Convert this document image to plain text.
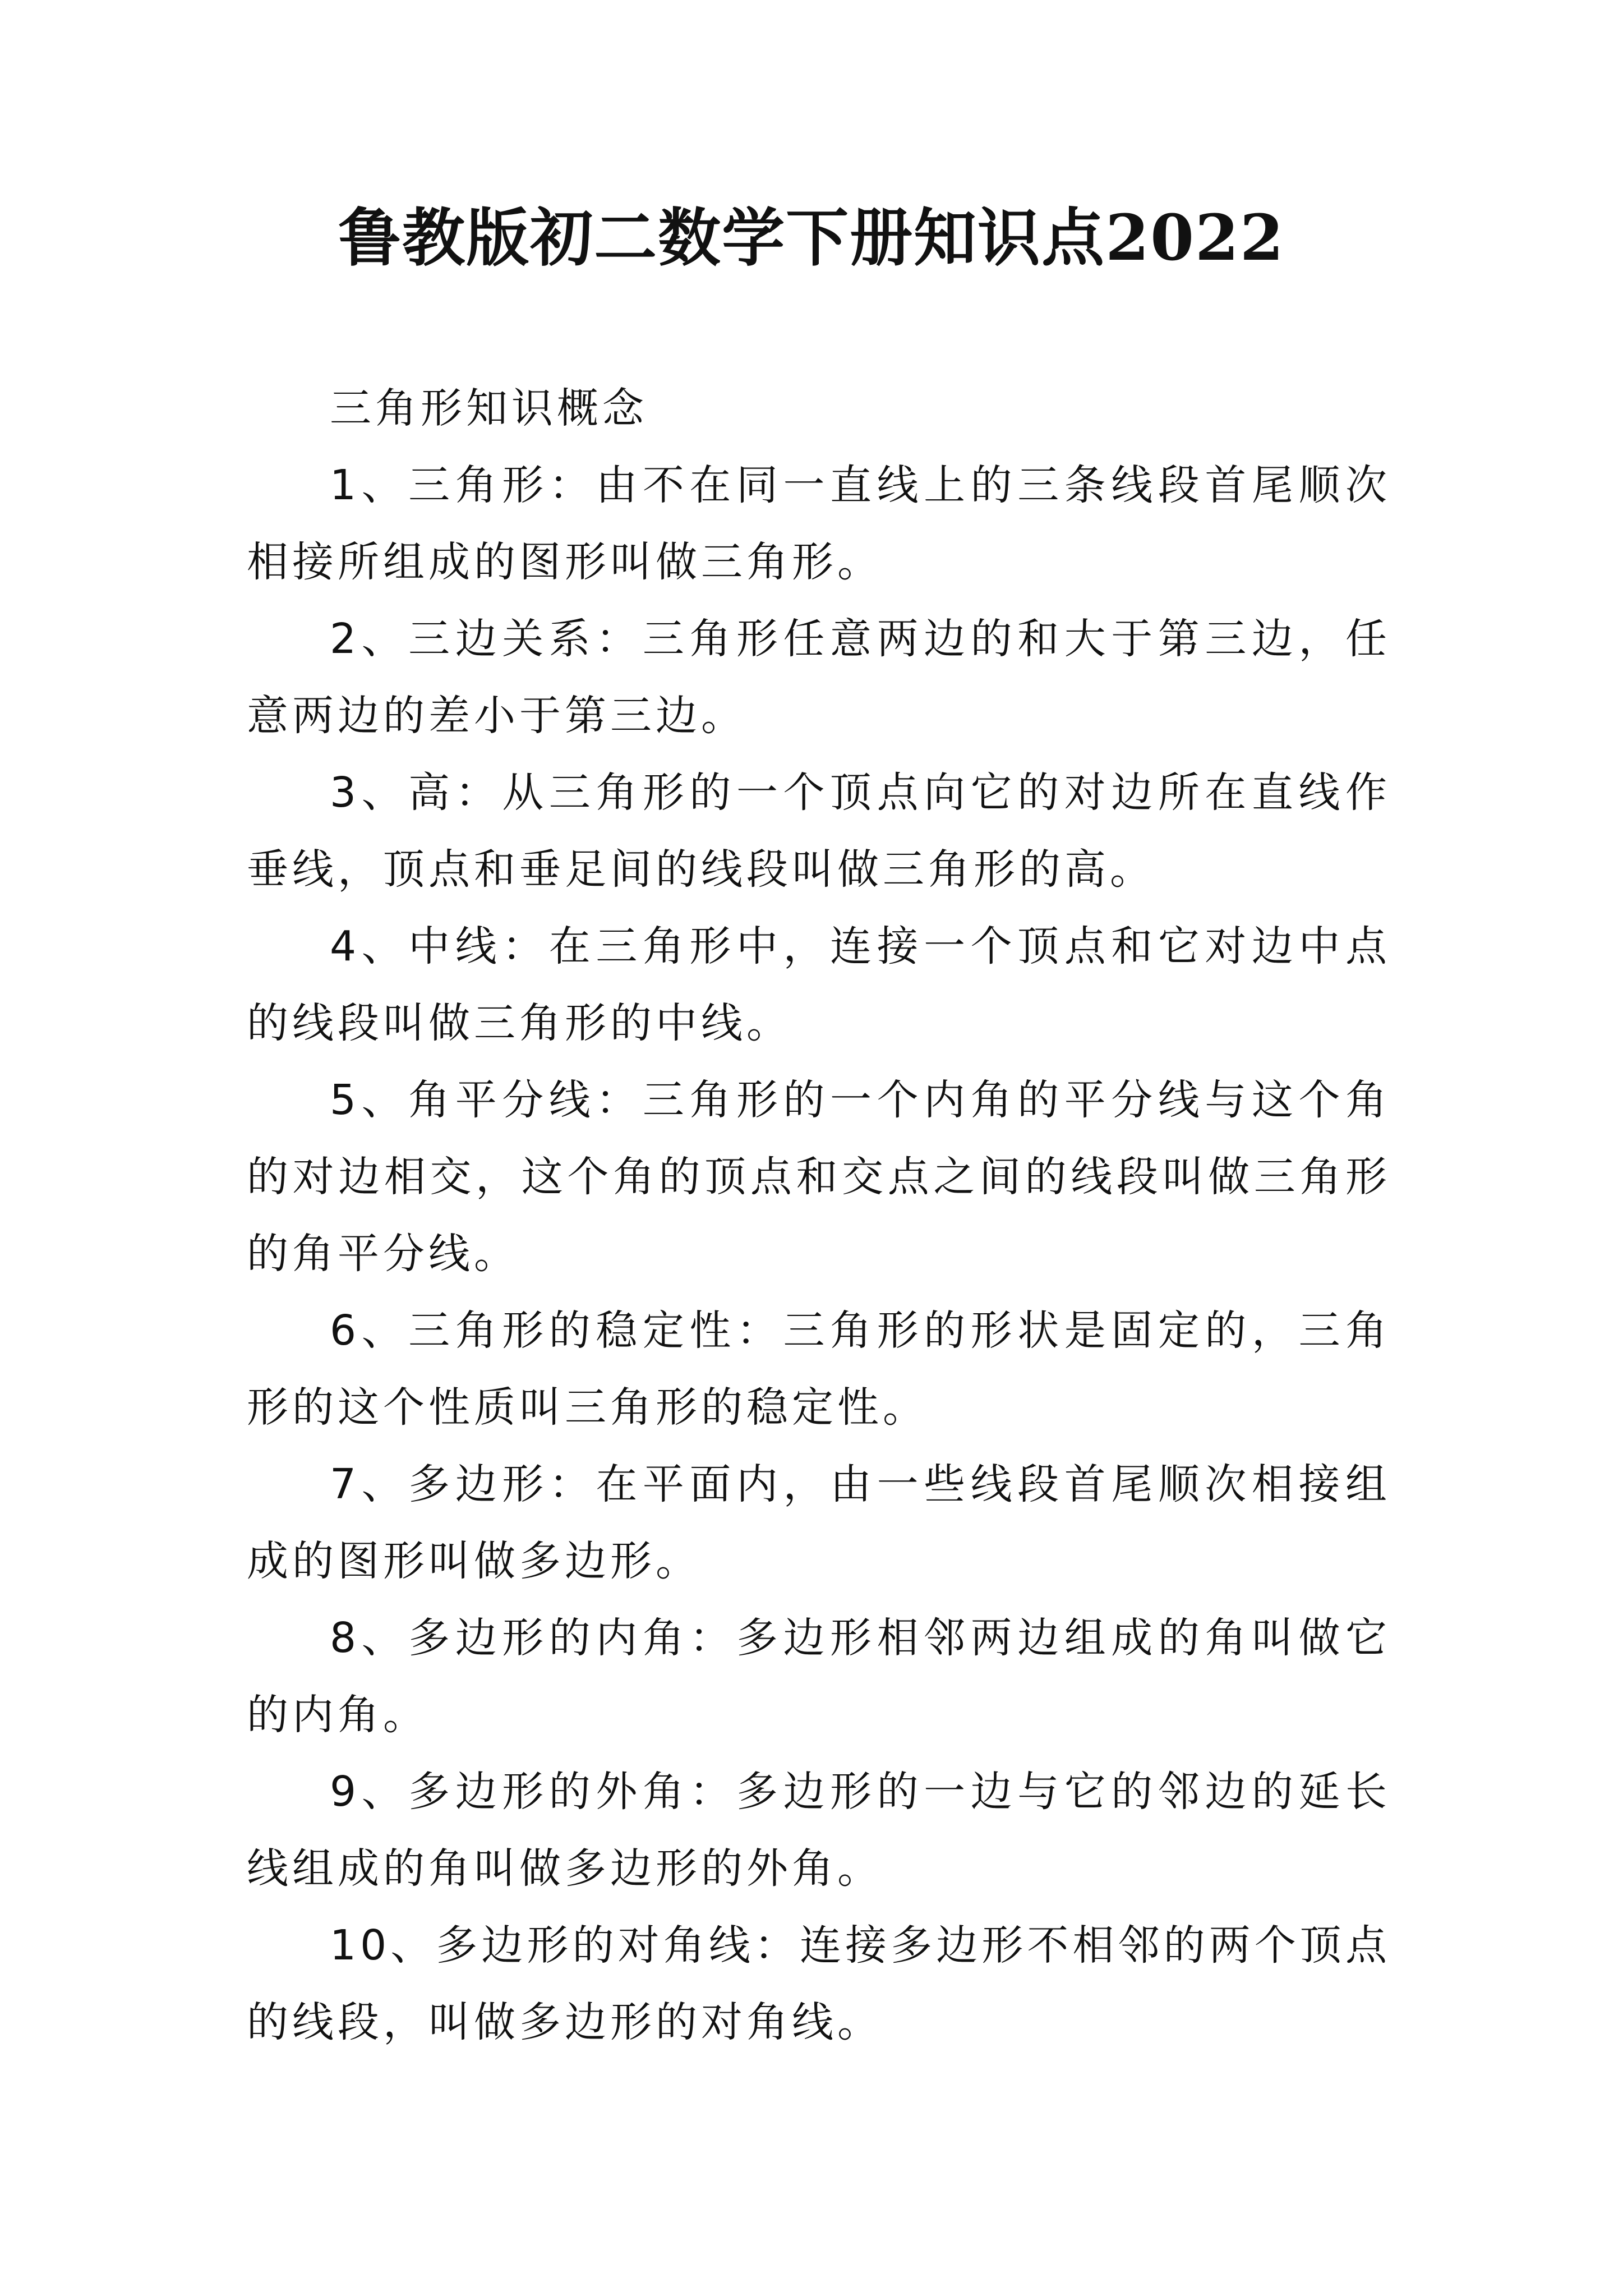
鲁教版初二数学下册知识点2022

三角形知识概念

1、三角形：由不在同一直线上的三条线段首尾顺次相接所组成的图形叫做三角形。

2、三边关系：三角形任意两边的和大于第三边，任意两边的差小于第三边。

3、高：从三角形的一个顶点向它的对边所在直线作垂线，顶点和垂足间的线段叫做三角形的高。

4、中线：在三角形中，连接一个顶点和它对边中点的线段叫做三角形的中线。

5、角平分线：三角形的一个内角的平分线与这个角的对边相交，这个角的顶点和交点之间的线段叫做三角形的角平分线。

6、三角形的稳定性：三角形的形状是固定的，三角形的这个性质叫三角形的稳定性。

7、多边形：在平面内，由一些线段首尾顺次相接组成的图形叫做多边形。

8、多边形的内角：多边形相邻两边组成的角叫做它的内角。

9、多边形的外角：多边形的一边与它的邻边的延长线组成的角叫做多边形的外角。

10、多边形的对角线：连接多边形不相邻的两个顶点的线段，叫做多边形的对角线。
